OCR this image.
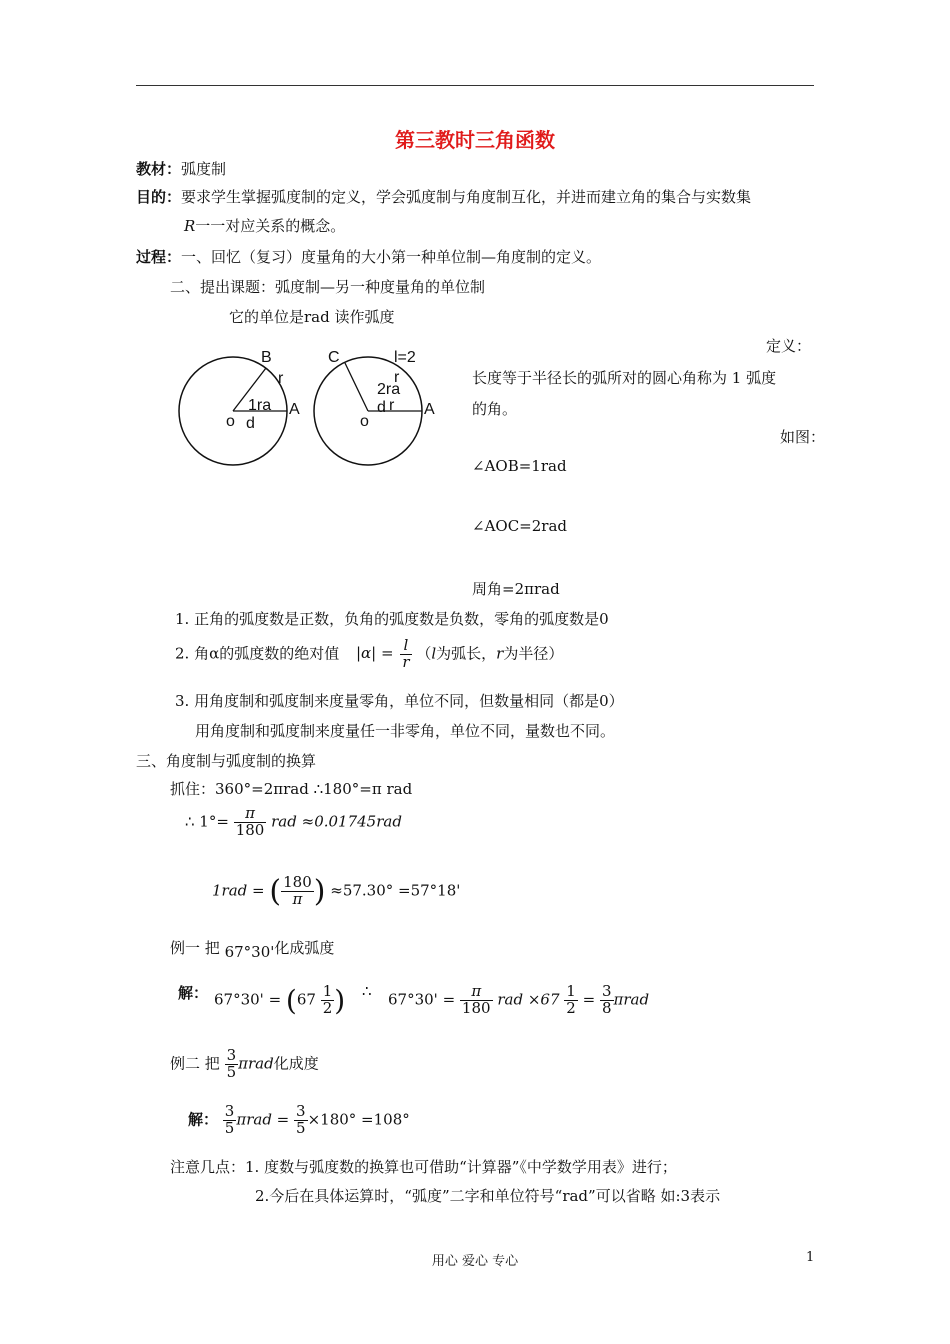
第三教时三角函数
教材：弧度制
目的：要求学生掌握弧度制的定义，学会弧度制与角度制互化，并进而建立角的集合与实数集
R一一对应关系的概念。
过程：一、回忆（复习）度量角的大小第一种单位制—角度制的定义。
二、提出课题：弧度制—另一种度量角的单位制
它的单位是rad 读作弧度
B
r
1ra
d
o
A
C	l=2
r
2ra
d r
o
A
定义：
长度等于半径长的弧所对的圆心角称为 1 弧度
的角。
如图：
∠AOB=1rad
∠AOC=2rad
周角=2πrad
1. 正角的弧度数是正数，负角的弧度数是负数，零角的弧度数是0
2. 角α的弧度数的绝对值 $|\alpha| = \frac{l}{r} (l$为弧长，r为半径）
3. 用角度制和弧度制来度量零角，单位不同，但数量相同（都是0）
用角度制和弧度制来度量任一非零角，单位不同，量数也不同。
三、角度制与弧度制的换算
抓住：360°=2πrad ∴180°=π rad
∴ $1^\circ= \frac{\pi}{180}$ rad ≈0.01745rad
1rad = ( $\frac{180}{\pi}$ ) ≈57.30° =57°18'
例一 把 67°30'化成弧度
解： $67^\circ 30' = (67 \frac{1}{2}$ ) ∴ $67^\circ 30' = \frac{\pi}{180}$ rad $\times 67 \frac{1}{2} = \frac{3}{8}$ πrad
例二 把 $\frac{3}{5}$ πrad化成度
解： $\frac{3}{5}$ $\pi rad = \frac{3}{5} \times 180^\circ =108^\circ$
注意几点：1. 度数与弧度数的换算也可借助“计算器”《中学数学用表》进行；
2.今后在具体运算时，“弧度”二字和单位符号“rad”可以省略 如:3表示
用心 爱心 专心	1
